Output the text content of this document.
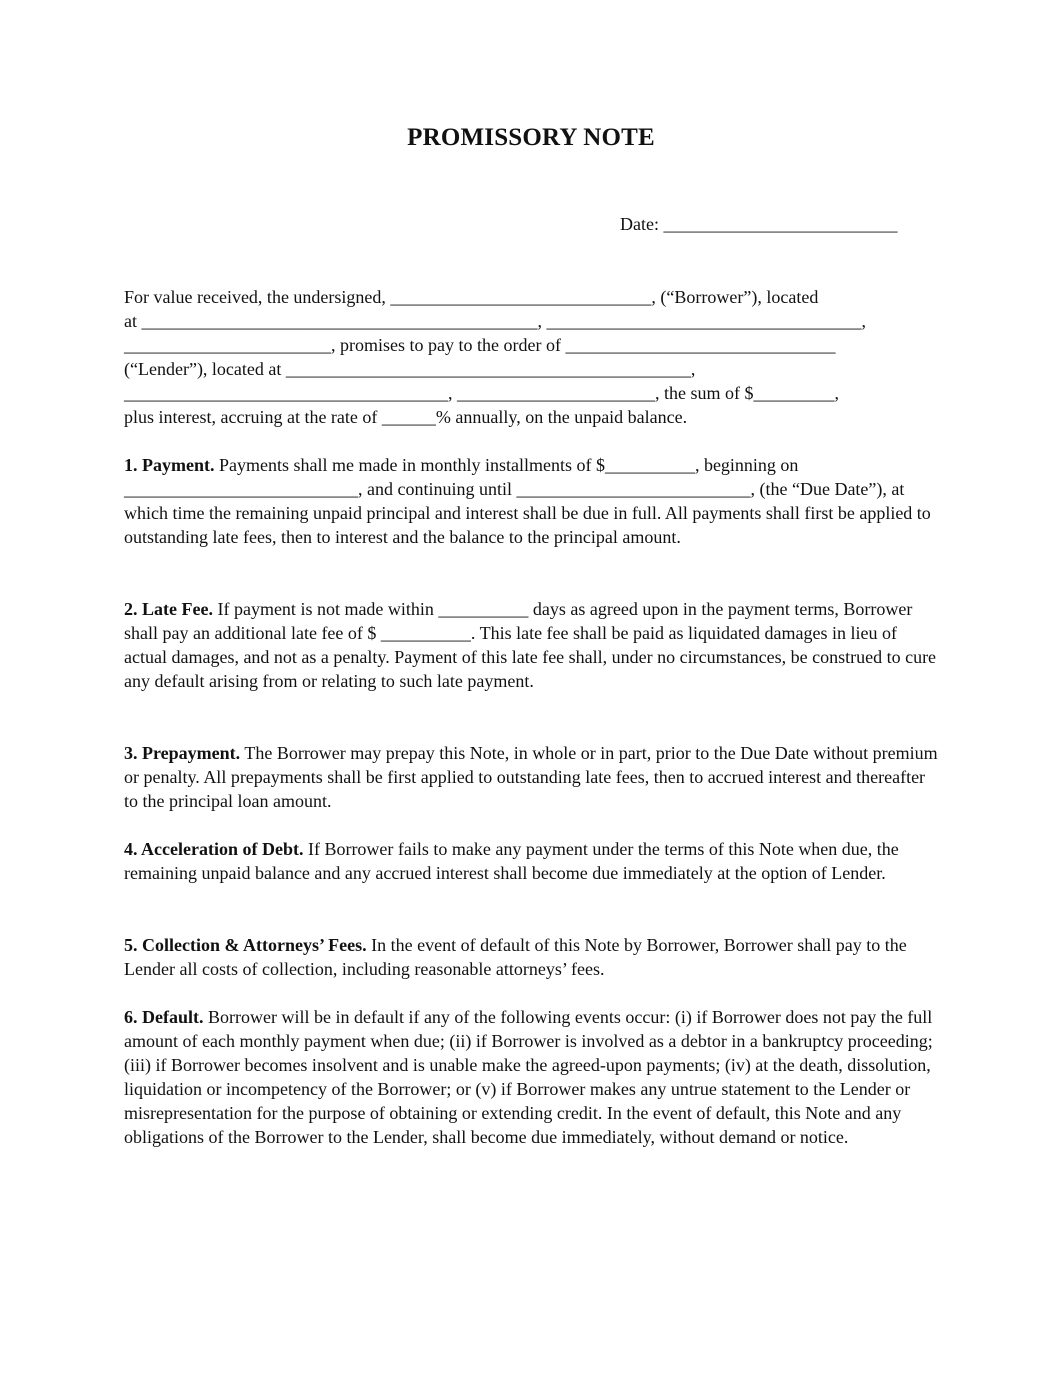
PROMISSORY NOTE
Date: __________________________
For value received, the undersigned, _____________________________, (“Borrower”), located
at ____________________________________________, ___________________________________,
_______________________, promises to pay to the order of ______________________________
(“Lender”), located at _____________________________________________,
____________________________________, ______________________, the sum of $_________,
plus interest, accruing at the rate of ______% annually, on the unpaid balance.
1. Payment. Payments shall me made in monthly installments of $__________, beginning on __________________________, and continuing until __________________________, (the “Due Date”), at which time the remaining unpaid principal and interest shall be due in full. All payments shall first be applied to outstanding late fees, then to interest and the balance to the principal amount.
2. Late Fee. If payment is not made within __________ days as agreed upon in the payment terms, Borrower shall pay an additional late fee of $ __________. This late fee shall be paid as liquidated damages in lieu of actual damages, and not as a penalty. Payment of this late fee shall, under no circumstances, be construed to cure any default arising from or relating to such late payment.
3. Prepayment. The Borrower may prepay this Note, in whole or in part, prior to the Due Date without premium or penalty. All prepayments shall be first applied to outstanding late fees, then to accrued interest and thereafter to the principal loan amount.
4. Acceleration of Debt. If Borrower fails to make any payment under the terms of this Note when due, the remaining unpaid balance and any accrued interest shall become due immediately at the option of Lender.
5. Collection & Attorneys’ Fees. In the event of default of this Note by Borrower, Borrower shall pay to the Lender all costs of collection, including reasonable attorneys’ fees.
6. Default. Borrower will be in default if any of the following events occur: (i) if Borrower does not pay the full amount of each monthly payment when due; (ii) if Borrower is involved as a debtor in a bankruptcy proceeding; (iii) if Borrower becomes insolvent and is unable make the agreed-upon payments; (iv) at the death, dissolution, liquidation or incompetency of the Borrower; or (v) if Borrower makes any untrue statement to the Lender or misrepresentation for the purpose of obtaining or extending credit. In the event of default, this Note and any obligations of the Borrower to the Lender, shall become due immediately, without demand or notice.
